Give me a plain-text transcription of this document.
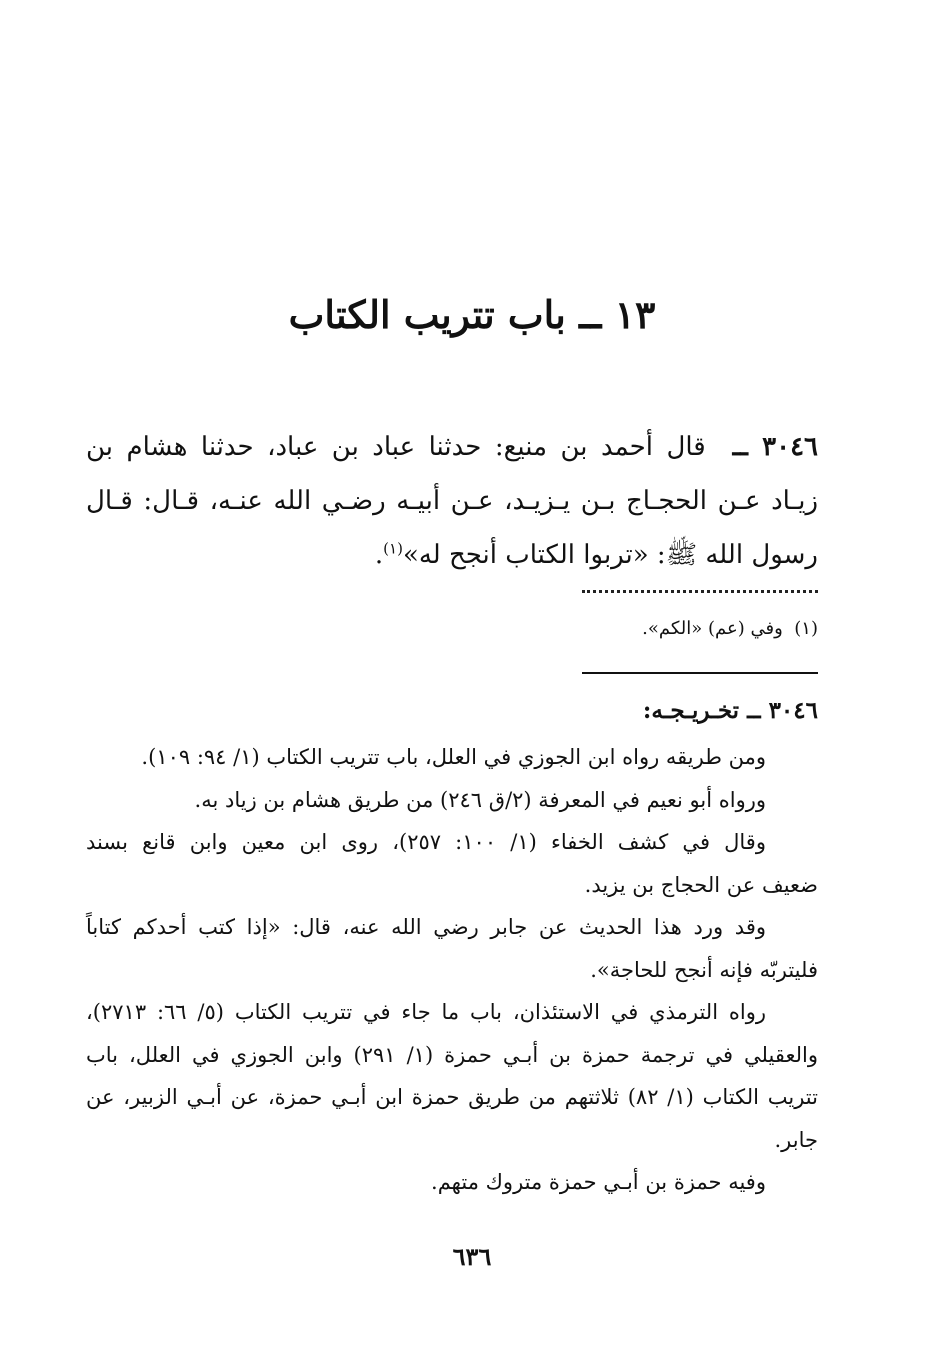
١٣ ــ باب تتريب الكتاب

٣٠٤٦ ــ  قال أحمد بن منيع: حدثنا عباد بن عباد، حدثنا هشام بن

زيـاد عـن الحجـاج بـن يـزيـد، عـن أبيـه رضـي الله عنـه، قـال: قـال

رسول الله ﷺ: «تربوا الكتاب أنجح له»$^{(١)}$.

(١)  وفي (عم) «الكم».
٣٠٤٦ ــ تخـريـجـه:

ومن طريقه رواه ابن الجوزي في العلل، باب تتريب الكتاب (١/ ٩٤: ١٠٩).

ورواه أبو نعيم في المعرفة (٢/ق ٢٤٦) من طريق هشام بن زياد به.

وقال في كشف الخفاء (١/ ١٠٠: ٢٥٧)، روى ابن معين وابن قانع بسند

ضعيف عن الحجاج بن يزيد.

وقد ورد هذا الحديث عن جابر رضي الله عنه، قال: «إذا كتب أحدكم كتاباً

فليتربّه فإنه أنجح للحاجة».

رواه الترمذي في الاستئذان، باب ما جاء في تتريب الكتاب (٥/ ٦٦: ٢٧١٣)،

والعقيلي في ترجمة حمزة بن أبـي حمزة (١/ ٢٩١) وابن الجوزي في العلل، باب

تتريب الكتاب (١/ ٨٢) ثلاثتهم من طريق حمزة ابن أبـي حمزة، عن أبـي الزبير، عن

جابر.

وفيه حمزة بن أبـي حمزة متروك متهم.

٦٣٦
